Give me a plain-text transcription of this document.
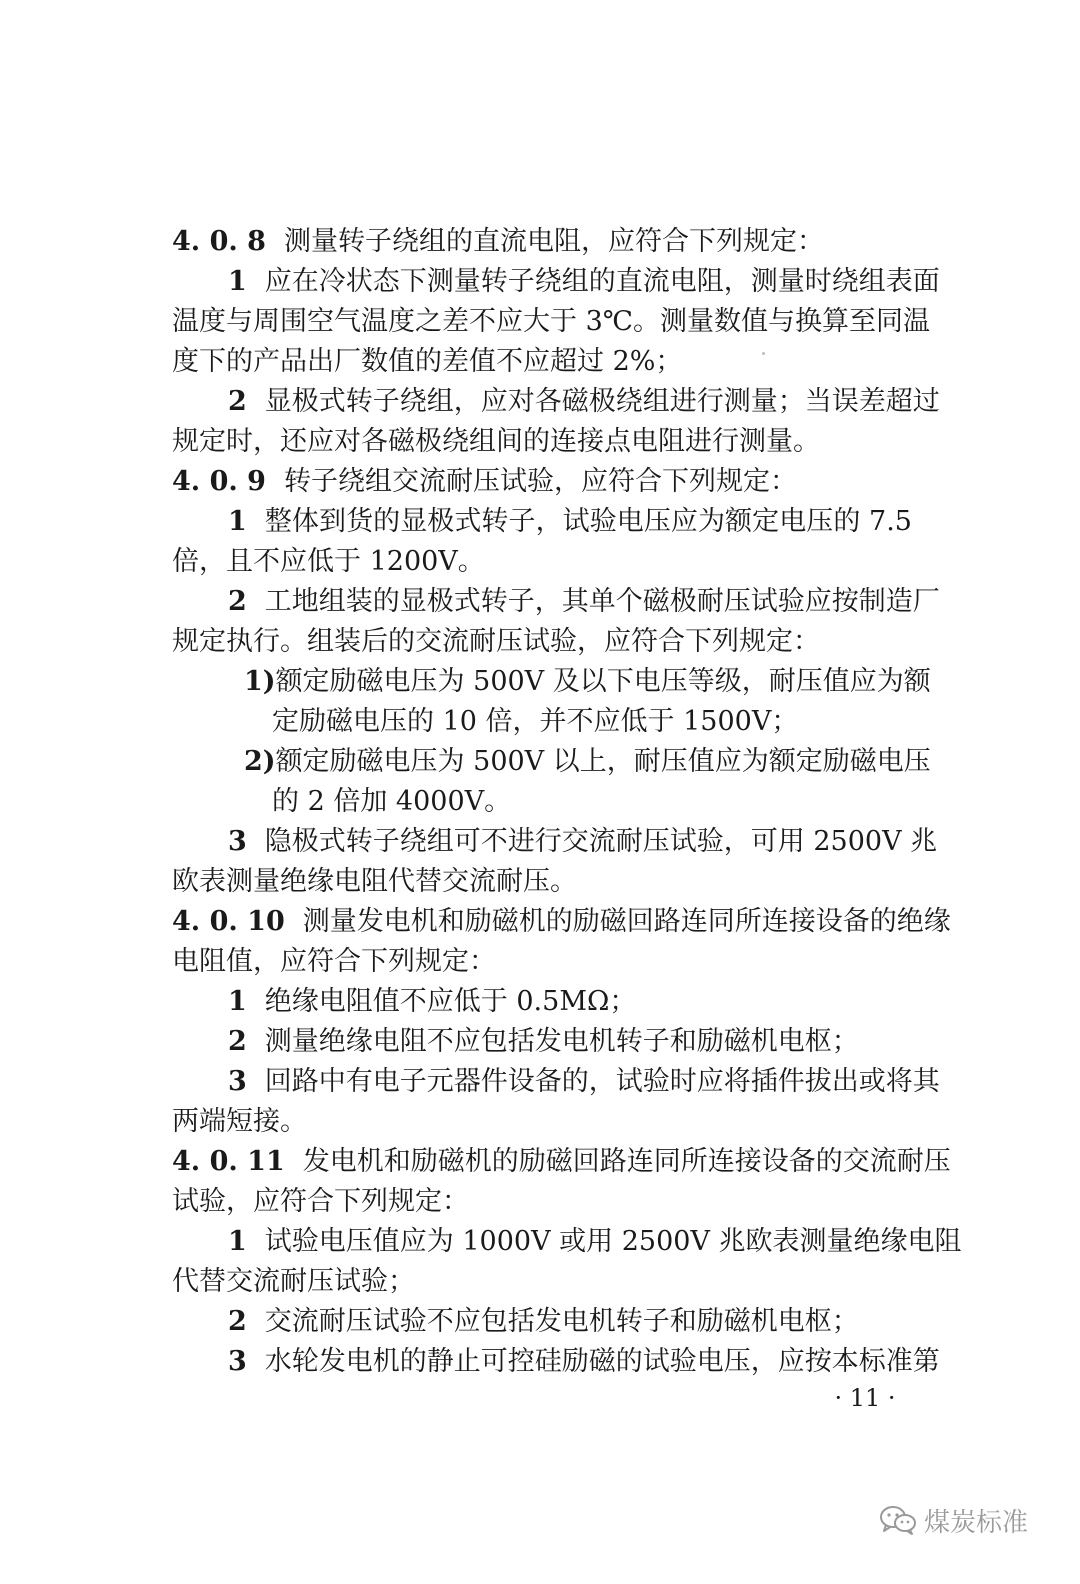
4. 0. 8 测量转子绕组的直流电阻，应符合下列规定：
1 应在冷状态下测量转子绕组的直流电阻，测量时绕组表面
温度与周围空气温度之差不应大于 3℃。测量数值与换算至同温
度下的产品出厂数值的差值不应超过 2%；
2 显极式转子绕组，应对各磁极绕组进行测量；当误差超过
规定时，还应对各磁极绕组间的连接点电阻进行测量。
4. 0. 9 转子绕组交流耐压试验，应符合下列规定：
1 整体到货的显极式转子，试验电压应为额定电压的 7.5
倍，且不应低于 1200V。
2 工地组装的显极式转子，其单个磁极耐压试验应按制造厂
规定执行。组装后的交流耐压试验，应符合下列规定：
1)额定励磁电压为 500V 及以下电压等级，耐压值应为额
定励磁电压的 10 倍，并不应低于 1500V；
2)额定励磁电压为 500V 以上，耐压值应为额定励磁电压
的 2 倍加 4000V。
3 隐极式转子绕组可不进行交流耐压试验，可用 2500V 兆
欧表测量绝缘电阻代替交流耐压。
4. 0. 10 测量发电机和励磁机的励磁回路连同所连接设备的绝缘
电阻值，应符合下列规定：
1 绝缘电阻值不应低于 0.5MΩ；
2 测量绝缘电阻不应包括发电机转子和励磁机电枢；
3 回路中有电子元器件设备的，试验时应将插件拔出或将其
两端短接。
4. 0. 11 发电机和励磁机的励磁回路连同所连接设备的交流耐压
试验，应符合下列规定：
1 试验电压值应为 1000V 或用 2500V 兆欧表测量绝缘电阻
代替交流耐压试验；
2 交流耐压试验不应包括发电机转子和励磁机电枢；
3 水轮发电机的静止可控硅励磁的试验电压，应按本标准第
· 11 ·
煤炭标准
